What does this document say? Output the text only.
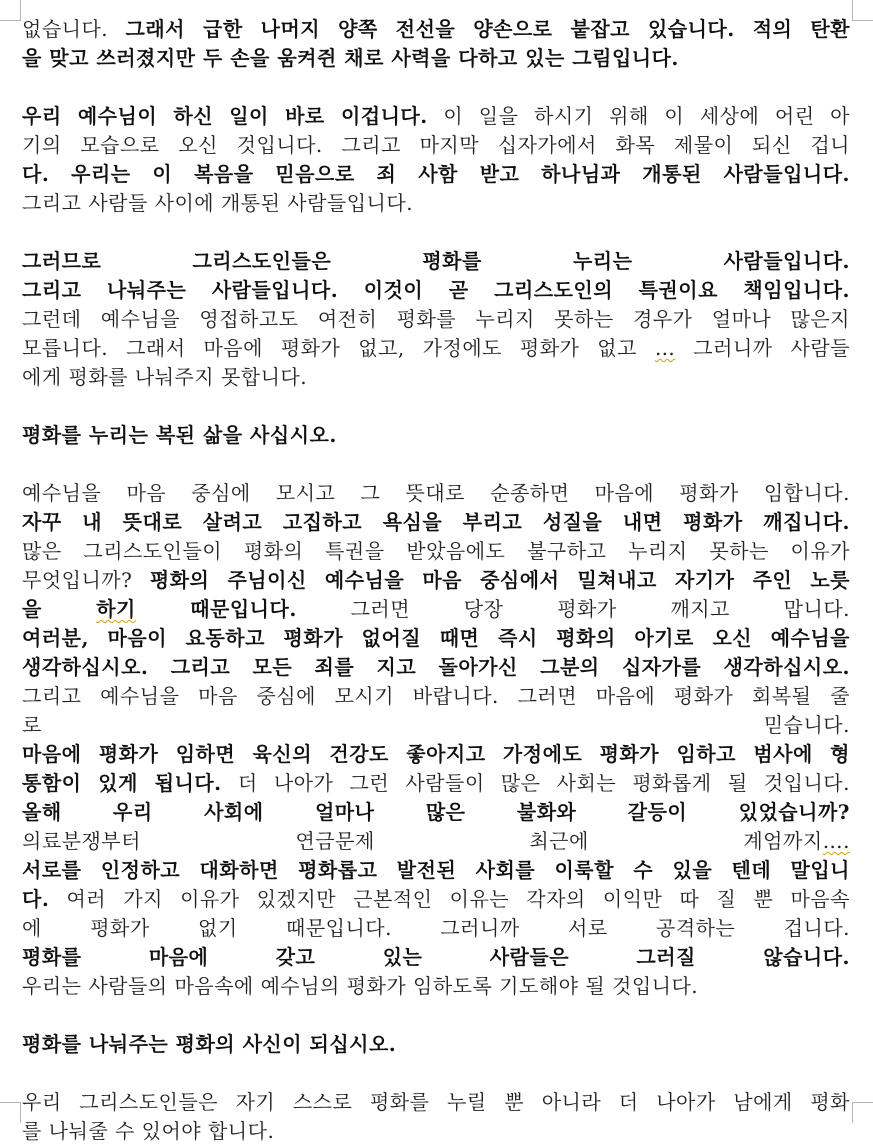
없습니다. 그래서 급한 나머지 양쪽 전선을 양손으로 붙잡고 있습니다. 적의 탄환
을 맞고 쓰러졌지만 두 손을 움켜쥔 채로 사력을 다하고 있는 그림입니다.
우리 예수님이 하신 일이 바로 이겁니다. 이 일을 하시기 위해 이 세상에 어린 아
기의 모습으로 오신 것입니다. 그리고 마지막 십자가에서 화목 제물이 되신 겁니
다. 우리는 이 복음을 믿음으로 죄 사함 받고 하나님과 개통된 사람들입니다.
그리고 사람들 사이에 개통된 사람들입니다.
그러므로 그리스도인들은 평화를 누리는 사람들입니다.
그리고 나눠주는 사람들입니다. 이것이 곧 그리스도인의 특권이요 책임입니다.
그런데 예수님을 영접하고도 여전히 평화를 누리지 못하는 경우가 얼마나 많은지
모릅니다. 그래서 마음에 평화가 없고, 가정에도 평화가 없고 … 그러니까 사람들
에게 평화를 나눠주지 못합니다.
평화를 누리는 복된 삶을 사십시오.
예수님을 마음 중심에 모시고 그 뜻대로 순종하면 마음에 평화가 임합니다.
자꾸 내 뜻대로 살려고 고집하고 욕심을 부리고 성질을 내면 평화가 깨집니다.
많은 그리스도인들이 평화의 특권을 받았음에도 불구하고 누리지 못하는 이유가
무엇입니까? 평화의 주님이신 예수님을 마음 중심에서 밀쳐내고 자기가 주인 노릇
을 하기 때문입니다. 그러면 당장 평화가 깨지고 맙니다.
여러분, 마음이 요동하고 평화가 없어질 때면 즉시 평화의 아기로 오신 예수님을
생각하십시오. 그리고 모든 죄를 지고 돌아가신 그분의 십자가를 생각하십시오.
그리고 예수님을 마음 중심에 모시기 바랍니다. 그러면 마음에 평화가 회복될 줄
로 믿습니다.
마음에 평화가 임하면 육신의 건강도 좋아지고 가정에도 평화가 임하고 범사에 형
통함이 있게 됩니다. 더 나아가 그런 사람들이 많은 사회는 평화롭게 될 것입니다.
올해 우리 사회에 얼마나 많은 불화와 갈등이 있었습니까?
의료분쟁부터 연금문제 최근에 계엄까지….
서로를 인정하고 대화하면 평화롭고 발전된 사회를 이룩할 수 있을 텐데 말입니
다. 여러 가지 이유가 있겠지만 근본적인 이유는 각자의 이익만 따 질 뿐 마음속
에 평화가 없기 때문입니다. 그러니까 서로 공격하는 겁니다.
평화를 마음에 갖고 있는 사람들은 그러질 않습니다.
우리는 사람들의 마음속에 예수님의 평화가 임하도록 기도해야 될 것입니다.
평화를 나눠주는 평화의 사신이 되십시오.
우리 그리스도인들은 자기 스스로 평화를 누릴 뿐 아니라 더 나아가 남에게 평화
를 나눠줄 수 있어야 합니다.
